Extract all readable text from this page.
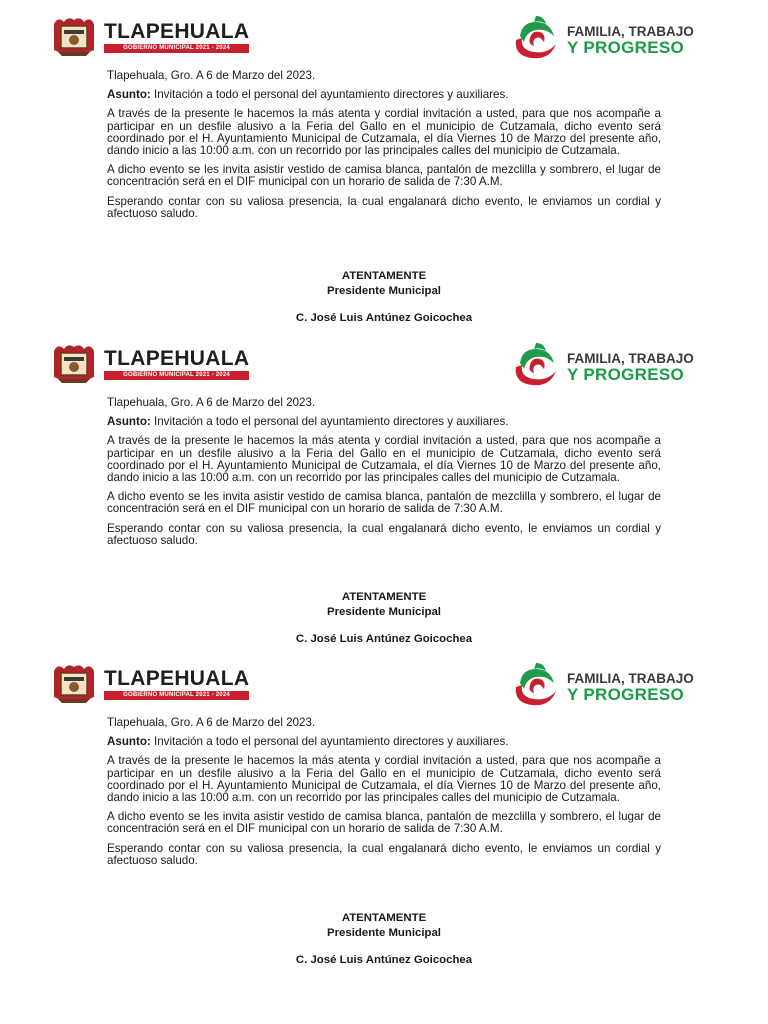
TLAPEHUALA
GOBIERNO MUNICIPAL 2021 - 2024
FAMILIA, TRABAJO
Y PROGRESO

Tlapehuala, Gro. A 6 de Marzo del 2023.

Asunto: Invitación a todo el personal del ayuntamiento directores y auxiliares.

A través de la presente le hacemos la más atenta y cordial invitación a usted, para que nos acompañe a participar en un desfile alusivo a la Feria del Gallo en el municipio de Cutzamala, dicho evento será coordinado por el H. Ayuntamiento Municipal de Cutzamala, el día Viernes 10 de Marzo del presente año, dando inicio a las 10:00 a.m. con un recorrido por las principales calles del municipio de Cutzamala.

A dicho evento se les invita asistir vestido de camisa blanca, pantalón de mezclilla y sombrero, el lugar de concentración será en el DIF municipal con un horario de salida de 7:30 A.M.

Esperando contar con su valiosa presencia, la cual engalanará dicho evento, le enviamos un cordial y afectuoso saludo.

ATENTAMENTE
Presidente Municipal
C. José Luis Antúnez Goicochea
TLAPEHUALA
GOBIERNO MUNICIPAL 2021 - 2024
FAMILIA, TRABAJO
Y PROGRESO

Tlapehuala, Gro. A 6 de Marzo del 2023.

Asunto: Invitación a todo el personal del ayuntamiento directores y auxiliares.

A través de la presente le hacemos la más atenta y cordial invitación a usted, para que nos acompañe a participar en un desfile alusivo a la Feria del Gallo en el municipio de Cutzamala, dicho evento será coordinado por el H. Ayuntamiento Municipal de Cutzamala, el día Viernes 10 de Marzo del presente año, dando inicio a las 10:00 a.m. con un recorrido por las principales calles del municipio de Cutzamala.

A dicho evento se les invita asistir vestido de camisa blanca, pantalón de mezclilla y sombrero, el lugar de concentración será en el DIF municipal con un horario de salida de 7:30 A.M.

Esperando contar con su valiosa presencia, la cual engalanará dicho evento, le enviamos un cordial y afectuoso saludo.

ATENTAMENTE
Presidente Municipal
C. José Luis Antúnez Goicochea
TLAPEHUALA
GOBIERNO MUNICIPAL 2021 - 2024
FAMILIA, TRABAJO
Y PROGRESO

Tlapehuala, Gro. A 6 de Marzo del 2023.

Asunto: Invitación a todo el personal del ayuntamiento directores y auxiliares.

A través de la presente le hacemos la más atenta y cordial invitación a usted, para que nos acompañe a participar en un desfile alusivo a la Feria del Gallo en el municipio de Cutzamala, dicho evento será coordinado por el H. Ayuntamiento Municipal de Cutzamala, el día Viernes 10 de Marzo del presente año, dando inicio a las 10:00 a.m. con un recorrido por las principales calles del municipio de Cutzamala.

A dicho evento se les invita asistir vestido de camisa blanca, pantalón de mezclilla y sombrero, el lugar de concentración será en el DIF municipal con un horario de salida de 7:30 A.M.

Esperando contar con su valiosa presencia, la cual engalanará dicho evento, le enviamos un cordial y afectuoso saludo.

ATENTAMENTE
Presidente Municipal
C. José Luis Antúnez Goicochea
